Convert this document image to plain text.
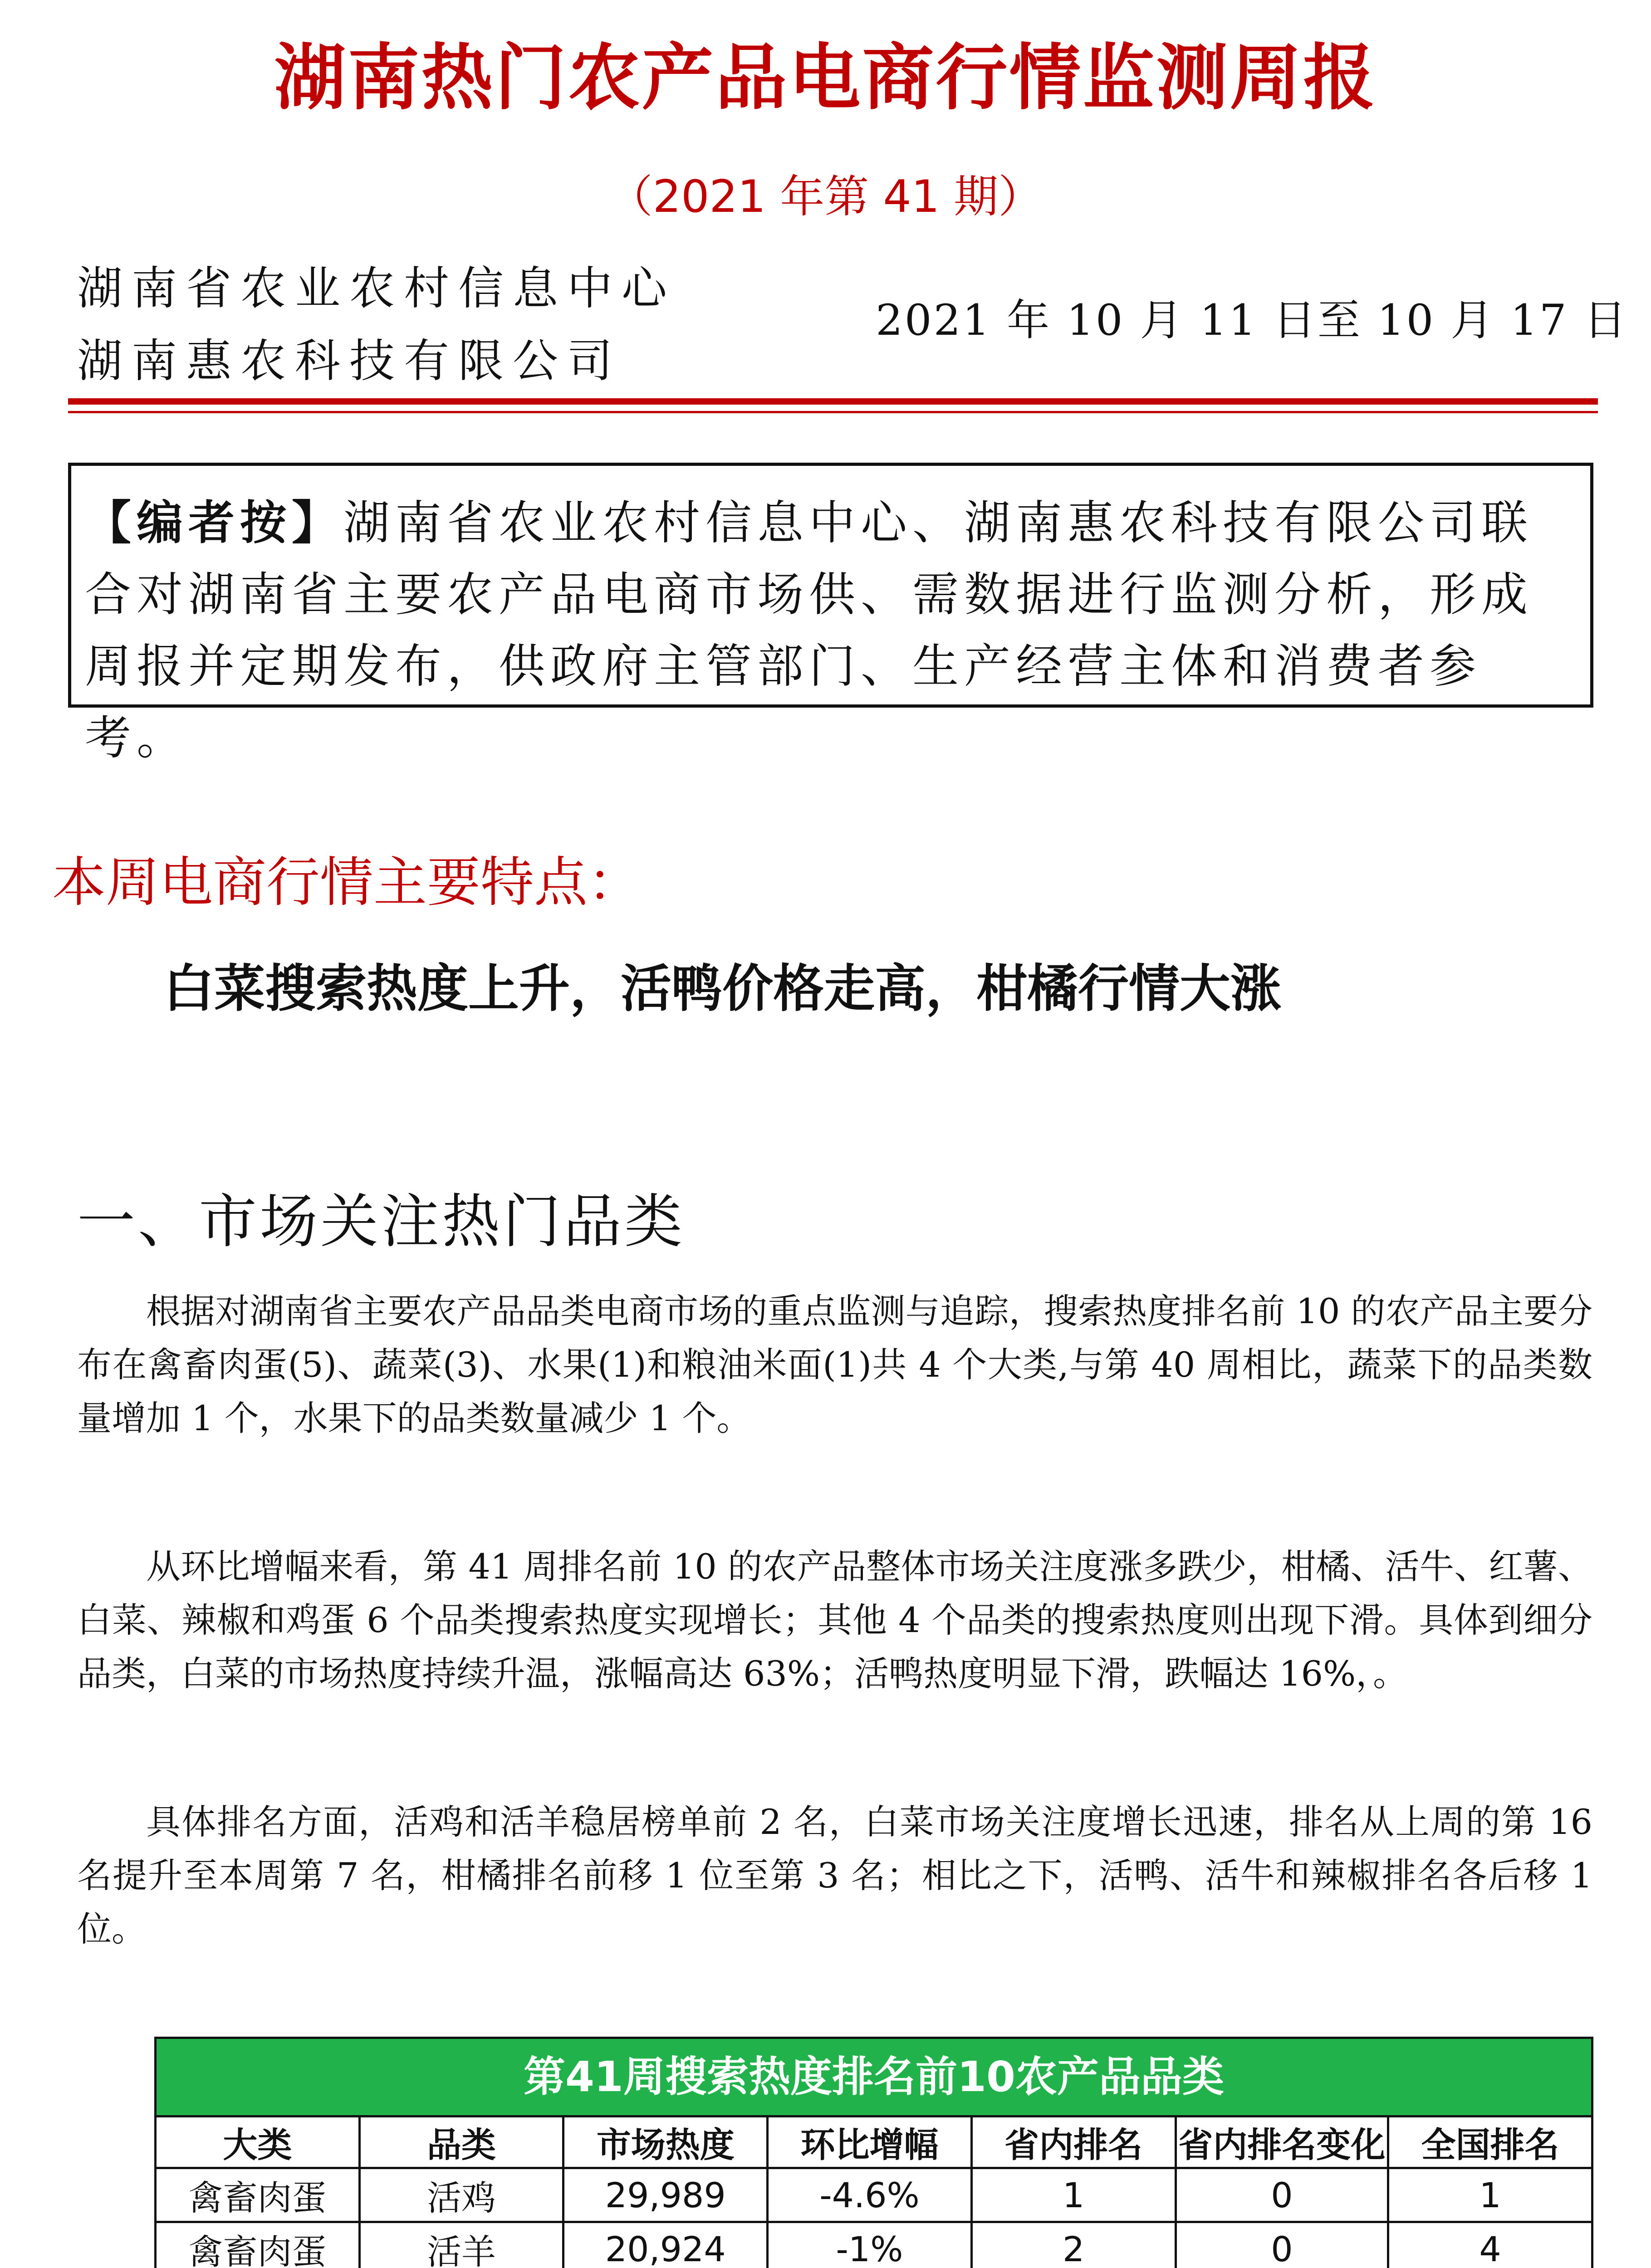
湖南热门农产品电商行情监测周报
（2021 年第 41 期）
湖南省农业农村信息中心
湖南惠农科技有限公司
2021 年 10 月 11 日至 10 月 17 日
【编者按】湖南省农业农村信息中心、湖南惠农科技有限公司联合对湖南省主要农产品电商市场供、需数据进行监测分析，形成周报并定期发布，供政府主管部门、生产经营主体和消费者参考。
本周电商行情主要特点：
白菜搜索热度上升，活鸭价格走高，柑橘行情大涨
一、市场关注热门品类

根据对湖南省主要农产品品类电商市场的重点监测与追踪，搜索热度排名前 10 的农产品主要分布在禽畜肉蛋(5)、蔬菜(3)、水果(1)和粮油米面(1)共 4 个大类,与第 40 周相比，蔬菜下的品类数量增加 1 个，水果下的品类数量减少 1 个。

从环比增幅来看，第 41 周排名前 10 的农产品整体市场关注度涨多跌少，柑橘、活牛、红薯、白菜、辣椒和鸡蛋 6 个品类搜索热度实现增长；其他 4 个品类的搜索热度则出现下滑。具体到细分品类，白菜的市场热度持续升温，涨幅高达 63%；活鸭热度明显下滑，跌幅达 16%，。

具体排名方面，活鸡和活羊稳居榜单前 2 名，白菜市场关注度增长迅速，排名从上周的第 16 名提升至本周第 7 名，柑橘排名前移 1 位至第 3 名；相比之下，活鸭、活牛和辣椒排名各后移 1 位。

第41周搜索热度排名前10农产品品类
大类	品类	市场热度	环比增幅	省内排名	省内排名变化	全国排名
禽畜肉蛋	活鸡	29,989	-4.6%	1	0	1
禽畜肉蛋	活羊	20,924	-1%	2	0	4
